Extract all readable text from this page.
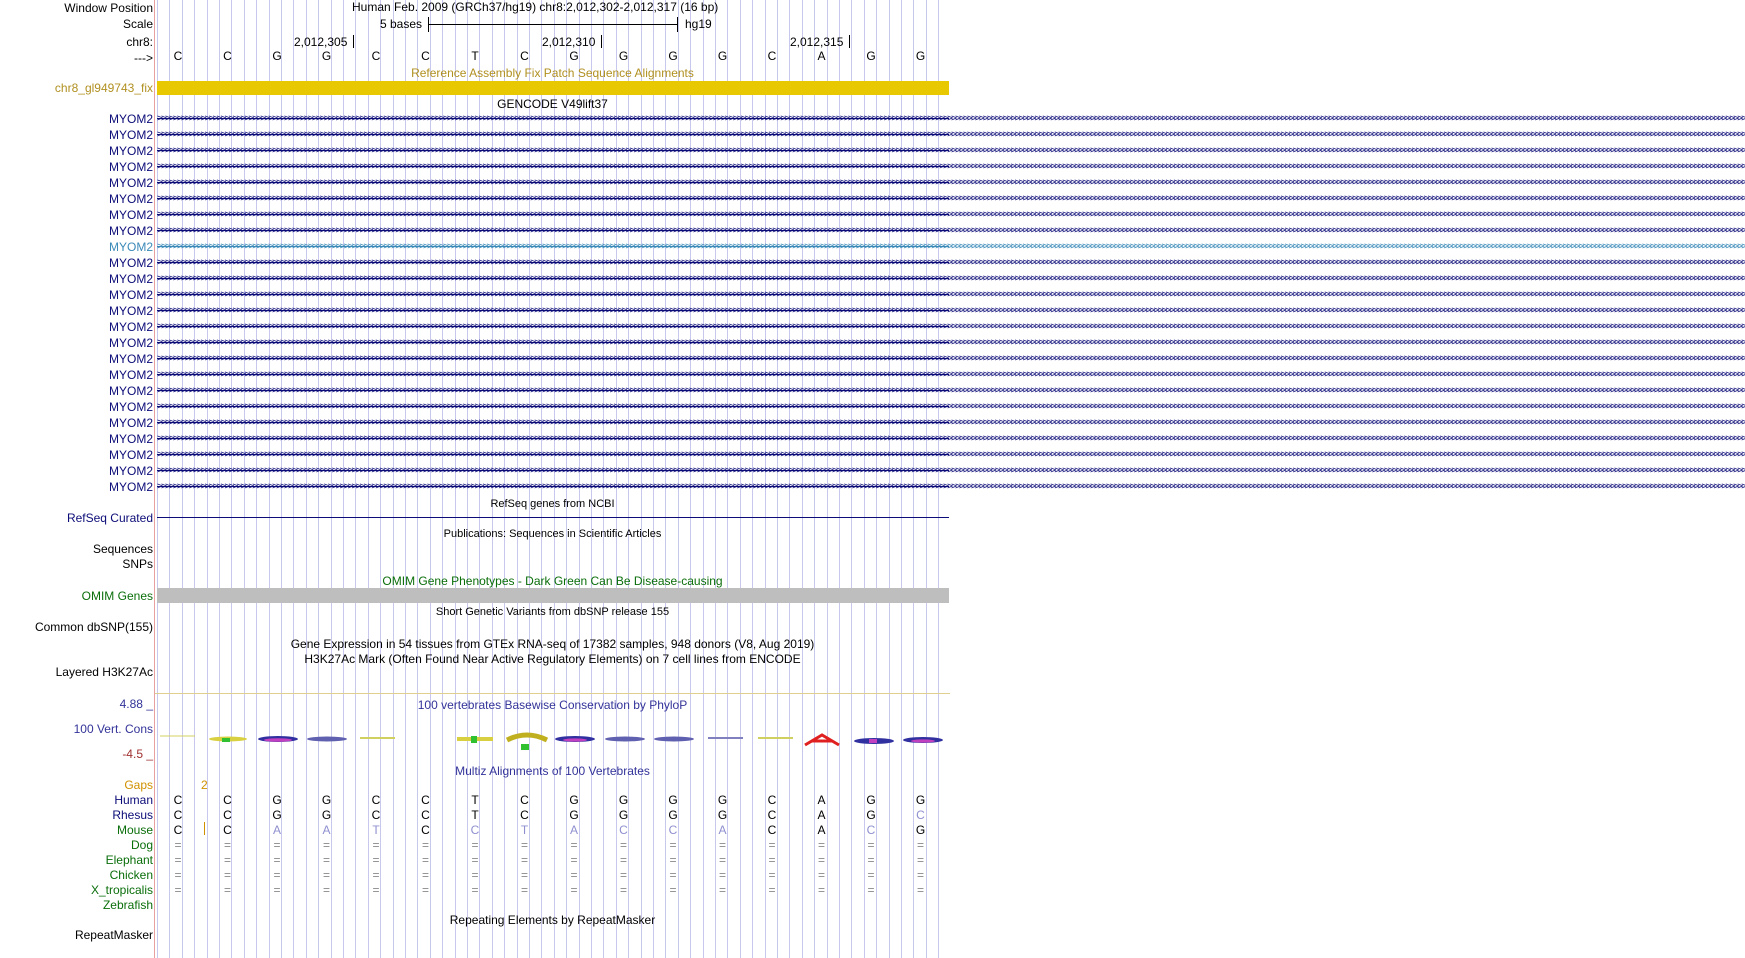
Window Position
Scale
chr8:
--->
Human Feb. 2009 (GRCh37/hg19) chr8:2,012,302-2,012,317 (16 bp)
5 bases	hg19
2,012,305	2,012,310	2,012,315
C	C	G	G	C	C	T	C	G	G	G	G	C	A	G	G
Reference Assembly Fix Patch Sequence Alignments
chr8_gl949743_fix
GENCODE V49lift37
MYOM2 >>>>>>>>>>>>>>>>>>>>>>>>>>>>>>>>>>>>>>>>>>>>>>>>>>>>>>>>>>>>>>>>>>>>>>>>>>>>>>>>>>>>>>>>>>>>>>>>>>>>>>>>>>>>>>>>>>>>>>>>>>>>>>>>>>>>>>>>>>>>>>>>>>>>>>>>>>>>>>>>>>>>>>>>>>>>>>>>>>>>>>>>>>>>>>>>>>>>>>>>>>>>>>>>>>>>>>>>>>>>>>>>>>>>>>>>>>>>>>>>>>>>>>>>>>>>>>>>>>>>>>>>>>>>>>>>>>>>>>>>>>>>>>>>>>>>>>>>>>>>>>>>>>>>>>>>>>>>>>>>>>>>>>>>>>>>>>>>>>>>>>>>>>>>>>>>>>>>>>>>>>>>>>>>>>>>>>>>>>>>>>>>>>>>>>>>>>>>>>>>
MYOM2 >>>>>>>>>>>>>>>>>>>>>>>>>>>>>>>>>>>>>>>>>>>>>>>>>>>>>>>>>>>>>>>>>>>>>>>>>>>>>>>>>>>>>>>>>>>>>>>>>>>>>>>>>>>>>>>>>>>>>>>>>>>>>>>>>>>>>>>>>>>>>>>>>>>>>>>>>>>>>>>>>>>>>>>>>>>>>>>>>>>>>>>>>>>>>>>>>>>>>>>>>>>>>>>>>>>>>>>>>>>>>>>>>>>>>>>>>>>>>>>>>>>>>>>>>>>>>>>>>>>>>>>>>>>>>>>>>>>>>>>>>>>>>>>>>>>>>>>>>>>>>>>>>>>>>>>>>>>>>>>>>>>>>>>>>>>>>>>>>>>>>>>>>>>>>>>>>>>>>>>>>>>>>>>>>>>>>>>>>>>>>>>>>>>>>>>>>>>>>>>>
MYOM2 >>>>>>>>>>>>>>>>>>>>>>>>>>>>>>>>>>>>>>>>>>>>>>>>>>>>>>>>>>>>>>>>>>>>>>>>>>>>>>>>>>>>>>>>>>>>>>>>>>>>>>>>>>>>>>>>>>>>>>>>>>>>>>>>>>>>>>>>>>>>>>>>>>>>>>>>>>>>>>>>>>>>>>>>>>>>>>>>>>>>>>>>>>>>>>>>>>>>>>>>>>>>>>>>>>>>>>>>>>>>>>>>>>>>>>>>>>>>>>>>>>>>>>>>>>>>>>>>>>>>>>>>>>>>>>>>>>>>>>>>>>>>>>>>>>>>>>>>>>>>>>>>>>>>>>>>>>>>>>>>>>>>>>>>>>>>>>>>>>>>>>>>>>>>>>>>>>>>>>>>>>>>>>>>>>>>>>>>>>>>>>>>>>>>>>>>>>>>>>>>
MYOM2 >>>>>>>>>>>>>>>>>>>>>>>>>>>>>>>>>>>>>>>>>>>>>>>>>>>>>>>>>>>>>>>>>>>>>>>>>>>>>>>>>>>>>>>>>>>>>>>>>>>>>>>>>>>>>>>>>>>>>>>>>>>>>>>>>>>>>>>>>>>>>>>>>>>>>>>>>>>>>>>>>>>>>>>>>>>>>>>>>>>>>>>>>>>>>>>>>>>>>>>>>>>>>>>>>>>>>>>>>>>>>>>>>>>>>>>>>>>>>>>>>>>>>>>>>>>>>>>>>>>>>>>>>>>>>>>>>>>>>>>>>>>>>>>>>>>>>>>>>>>>>>>>>>>>>>>>>>>>>>>>>>>>>>>>>>>>>>>>>>>>>>>>>>>>>>>>>>>>>>>>>>>>>>>>>>>>>>>>>>>>>>>>>>>>>>>>>>>>>>>>
MYOM2 >>>>>>>>>>>>>>>>>>>>>>>>>>>>>>>>>>>>>>>>>>>>>>>>>>>>>>>>>>>>>>>>>>>>>>>>>>>>>>>>>>>>>>>>>>>>>>>>>>>>>>>>>>>>>>>>>>>>>>>>>>>>>>>>>>>>>>>>>>>>>>>>>>>>>>>>>>>>>>>>>>>>>>>>>>>>>>>>>>>>>>>>>>>>>>>>>>>>>>>>>>>>>>>>>>>>>>>>>>>>>>>>>>>>>>>>>>>>>>>>>>>>>>>>>>>>>>>>>>>>>>>>>>>>>>>>>>>>>>>>>>>>>>>>>>>>>>>>>>>>>>>>>>>>>>>>>>>>>>>>>>>>>>>>>>>>>>>>>>>>>>>>>>>>>>>>>>>>>>>>>>>>>>>>>>>>>>>>>>>>>>>>>>>>>>>>>>>>>>>>
MYOM2 >>>>>>>>>>>>>>>>>>>>>>>>>>>>>>>>>>>>>>>>>>>>>>>>>>>>>>>>>>>>>>>>>>>>>>>>>>>>>>>>>>>>>>>>>>>>>>>>>>>>>>>>>>>>>>>>>>>>>>>>>>>>>>>>>>>>>>>>>>>>>>>>>>>>>>>>>>>>>>>>>>>>>>>>>>>>>>>>>>>>>>>>>>>>>>>>>>>>>>>>>>>>>>>>>>>>>>>>>>>>>>>>>>>>>>>>>>>>>>>>>>>>>>>>>>>>>>>>>>>>>>>>>>>>>>>>>>>>>>>>>>>>>>>>>>>>>>>>>>>>>>>>>>>>>>>>>>>>>>>>>>>>>>>>>>>>>>>>>>>>>>>>>>>>>>>>>>>>>>>>>>>>>>>>>>>>>>>>>>>>>>>>>>>>>>>>>>>>>>>>
MYOM2 >>>>>>>>>>>>>>>>>>>>>>>>>>>>>>>>>>>>>>>>>>>>>>>>>>>>>>>>>>>>>>>>>>>>>>>>>>>>>>>>>>>>>>>>>>>>>>>>>>>>>>>>>>>>>>>>>>>>>>>>>>>>>>>>>>>>>>>>>>>>>>>>>>>>>>>>>>>>>>>>>>>>>>>>>>>>>>>>>>>>>>>>>>>>>>>>>>>>>>>>>>>>>>>>>>>>>>>>>>>>>>>>>>>>>>>>>>>>>>>>>>>>>>>>>>>>>>>>>>>>>>>>>>>>>>>>>>>>>>>>>>>>>>>>>>>>>>>>>>>>>>>>>>>>>>>>>>>>>>>>>>>>>>>>>>>>>>>>>>>>>>>>>>>>>>>>>>>>>>>>>>>>>>>>>>>>>>>>>>>>>>>>>>>>>>>>>>>>>>>>
MYOM2 >>>>>>>>>>>>>>>>>>>>>>>>>>>>>>>>>>>>>>>>>>>>>>>>>>>>>>>>>>>>>>>>>>>>>>>>>>>>>>>>>>>>>>>>>>>>>>>>>>>>>>>>>>>>>>>>>>>>>>>>>>>>>>>>>>>>>>>>>>>>>>>>>>>>>>>>>>>>>>>>>>>>>>>>>>>>>>>>>>>>>>>>>>>>>>>>>>>>>>>>>>>>>>>>>>>>>>>>>>>>>>>>>>>>>>>>>>>>>>>>>>>>>>>>>>>>>>>>>>>>>>>>>>>>>>>>>>>>>>>>>>>>>>>>>>>>>>>>>>>>>>>>>>>>>>>>>>>>>>>>>>>>>>>>>>>>>>>>>>>>>>>>>>>>>>>>>>>>>>>>>>>>>>>>>>>>>>>>>>>>>>>>>>>>>>>>>>>>>>>>
MYOM2 >>>>>>>>>>>>>>>>>>>>>>>>>>>>>>>>>>>>>>>>>>>>>>>>>>>>>>>>>>>>>>>>>>>>>>>>>>>>>>>>>>>>>>>>>>>>>>>>>>>>>>>>>>>>>>>>>>>>>>>>>>>>>>>>>>>>>>>>>>>>>>>>>>>>>>>>>>>>>>>>>>>>>>>>>>>>>>>>>>>>>>>>>>>>>>>>>>>>>>>>>>>>>>>>>>>>>>>>>>>>>>>>>>>>>>>>>>>>>>>>>>>>>>>>>>>>>>>>>>>>>>>>>>>>>>>>>>>>>>>>>>>>>>>>>>>>>>>>>>>>>>>>>>>>>>>>>>>>>>>>>>>>>>>>>>>>>>>>>>>>>>>>>>>>>>>>>>>>>>>>>>>>>>>>>>>>>>>>>>>>>>>>>>>>>>>>>>>>>>>>
MYOM2 >>>>>>>>>>>>>>>>>>>>>>>>>>>>>>>>>>>>>>>>>>>>>>>>>>>>>>>>>>>>>>>>>>>>>>>>>>>>>>>>>>>>>>>>>>>>>>>>>>>>>>>>>>>>>>>>>>>>>>>>>>>>>>>>>>>>>>>>>>>>>>>>>>>>>>>>>>>>>>>>>>>>>>>>>>>>>>>>>>>>>>>>>>>>>>>>>>>>>>>>>>>>>>>>>>>>>>>>>>>>>>>>>>>>>>>>>>>>>>>>>>>>>>>>>>>>>>>>>>>>>>>>>>>>>>>>>>>>>>>>>>>>>>>>>>>>>>>>>>>>>>>>>>>>>>>>>>>>>>>>>>>>>>>>>>>>>>>>>>>>>>>>>>>>>>>>>>>>>>>>>>>>>>>>>>>>>>>>>>>>>>>>>>>>>>>>>>>>>>>>
MYOM2 >>>>>>>>>>>>>>>>>>>>>>>>>>>>>>>>>>>>>>>>>>>>>>>>>>>>>>>>>>>>>>>>>>>>>>>>>>>>>>>>>>>>>>>>>>>>>>>>>>>>>>>>>>>>>>>>>>>>>>>>>>>>>>>>>>>>>>>>>>>>>>>>>>>>>>>>>>>>>>>>>>>>>>>>>>>>>>>>>>>>>>>>>>>>>>>>>>>>>>>>>>>>>>>>>>>>>>>>>>>>>>>>>>>>>>>>>>>>>>>>>>>>>>>>>>>>>>>>>>>>>>>>>>>>>>>>>>>>>>>>>>>>>>>>>>>>>>>>>>>>>>>>>>>>>>>>>>>>>>>>>>>>>>>>>>>>>>>>>>>>>>>>>>>>>>>>>>>>>>>>>>>>>>>>>>>>>>>>>>>>>>>>>>>>>>>>>>>>>>>>
MYOM2 >>>>>>>>>>>>>>>>>>>>>>>>>>>>>>>>>>>>>>>>>>>>>>>>>>>>>>>>>>>>>>>>>>>>>>>>>>>>>>>>>>>>>>>>>>>>>>>>>>>>>>>>>>>>>>>>>>>>>>>>>>>>>>>>>>>>>>>>>>>>>>>>>>>>>>>>>>>>>>>>>>>>>>>>>>>>>>>>>>>>>>>>>>>>>>>>>>>>>>>>>>>>>>>>>>>>>>>>>>>>>>>>>>>>>>>>>>>>>>>>>>>>>>>>>>>>>>>>>>>>>>>>>>>>>>>>>>>>>>>>>>>>>>>>>>>>>>>>>>>>>>>>>>>>>>>>>>>>>>>>>>>>>>>>>>>>>>>>>>>>>>>>>>>>>>>>>>>>>>>>>>>>>>>>>>>>>>>>>>>>>>>>>>>>>>>>>>>>>>>>
MYOM2 >>>>>>>>>>>>>>>>>>>>>>>>>>>>>>>>>>>>>>>>>>>>>>>>>>>>>>>>>>>>>>>>>>>>>>>>>>>>>>>>>>>>>>>>>>>>>>>>>>>>>>>>>>>>>>>>>>>>>>>>>>>>>>>>>>>>>>>>>>>>>>>>>>>>>>>>>>>>>>>>>>>>>>>>>>>>>>>>>>>>>>>>>>>>>>>>>>>>>>>>>>>>>>>>>>>>>>>>>>>>>>>>>>>>>>>>>>>>>>>>>>>>>>>>>>>>>>>>>>>>>>>>>>>>>>>>>>>>>>>>>>>>>>>>>>>>>>>>>>>>>>>>>>>>>>>>>>>>>>>>>>>>>>>>>>>>>>>>>>>>>>>>>>>>>>>>>>>>>>>>>>>>>>>>>>>>>>>>>>>>>>>>>>>>>>>>>>>>>>>>
MYOM2 >>>>>>>>>>>>>>>>>>>>>>>>>>>>>>>>>>>>>>>>>>>>>>>>>>>>>>>>>>>>>>>>>>>>>>>>>>>>>>>>>>>>>>>>>>>>>>>>>>>>>>>>>>>>>>>>>>>>>>>>>>>>>>>>>>>>>>>>>>>>>>>>>>>>>>>>>>>>>>>>>>>>>>>>>>>>>>>>>>>>>>>>>>>>>>>>>>>>>>>>>>>>>>>>>>>>>>>>>>>>>>>>>>>>>>>>>>>>>>>>>>>>>>>>>>>>>>>>>>>>>>>>>>>>>>>>>>>>>>>>>>>>>>>>>>>>>>>>>>>>>>>>>>>>>>>>>>>>>>>>>>>>>>>>>>>>>>>>>>>>>>>>>>>>>>>>>>>>>>>>>>>>>>>>>>>>>>>>>>>>>>>>>>>>>>>>>>>>>>>>
MYOM2 >>>>>>>>>>>>>>>>>>>>>>>>>>>>>>>>>>>>>>>>>>>>>>>>>>>>>>>>>>>>>>>>>>>>>>>>>>>>>>>>>>>>>>>>>>>>>>>>>>>>>>>>>>>>>>>>>>>>>>>>>>>>>>>>>>>>>>>>>>>>>>>>>>>>>>>>>>>>>>>>>>>>>>>>>>>>>>>>>>>>>>>>>>>>>>>>>>>>>>>>>>>>>>>>>>>>>>>>>>>>>>>>>>>>>>>>>>>>>>>>>>>>>>>>>>>>>>>>>>>>>>>>>>>>>>>>>>>>>>>>>>>>>>>>>>>>>>>>>>>>>>>>>>>>>>>>>>>>>>>>>>>>>>>>>>>>>>>>>>>>>>>>>>>>>>>>>>>>>>>>>>>>>>>>>>>>>>>>>>>>>>>>>>>>>>>>>>>>>>>>
MYOM2 >>>>>>>>>>>>>>>>>>>>>>>>>>>>>>>>>>>>>>>>>>>>>>>>>>>>>>>>>>>>>>>>>>>>>>>>>>>>>>>>>>>>>>>>>>>>>>>>>>>>>>>>>>>>>>>>>>>>>>>>>>>>>>>>>>>>>>>>>>>>>>>>>>>>>>>>>>>>>>>>>>>>>>>>>>>>>>>>>>>>>>>>>>>>>>>>>>>>>>>>>>>>>>>>>>>>>>>>>>>>>>>>>>>>>>>>>>>>>>>>>>>>>>>>>>>>>>>>>>>>>>>>>>>>>>>>>>>>>>>>>>>>>>>>>>>>>>>>>>>>>>>>>>>>>>>>>>>>>>>>>>>>>>>>>>>>>>>>>>>>>>>>>>>>>>>>>>>>>>>>>>>>>>>>>>>>>>>>>>>>>>>>>>>>>>>>>>>>>>>>
MYOM2 >>>>>>>>>>>>>>>>>>>>>>>>>>>>>>>>>>>>>>>>>>>>>>>>>>>>>>>>>>>>>>>>>>>>>>>>>>>>>>>>>>>>>>>>>>>>>>>>>>>>>>>>>>>>>>>>>>>>>>>>>>>>>>>>>>>>>>>>>>>>>>>>>>>>>>>>>>>>>>>>>>>>>>>>>>>>>>>>>>>>>>>>>>>>>>>>>>>>>>>>>>>>>>>>>>>>>>>>>>>>>>>>>>>>>>>>>>>>>>>>>>>>>>>>>>>>>>>>>>>>>>>>>>>>>>>>>>>>>>>>>>>>>>>>>>>>>>>>>>>>>>>>>>>>>>>>>>>>>>>>>>>>>>>>>>>>>>>>>>>>>>>>>>>>>>>>>>>>>>>>>>>>>>>>>>>>>>>>>>>>>>>>>>>>>>>>>>>>>>>>
MYOM2 >>>>>>>>>>>>>>>>>>>>>>>>>>>>>>>>>>>>>>>>>>>>>>>>>>>>>>>>>>>>>>>>>>>>>>>>>>>>>>>>>>>>>>>>>>>>>>>>>>>>>>>>>>>>>>>>>>>>>>>>>>>>>>>>>>>>>>>>>>>>>>>>>>>>>>>>>>>>>>>>>>>>>>>>>>>>>>>>>>>>>>>>>>>>>>>>>>>>>>>>>>>>>>>>>>>>>>>>>>>>>>>>>>>>>>>>>>>>>>>>>>>>>>>>>>>>>>>>>>>>>>>>>>>>>>>>>>>>>>>>>>>>>>>>>>>>>>>>>>>>>>>>>>>>>>>>>>>>>>>>>>>>>>>>>>>>>>>>>>>>>>>>>>>>>>>>>>>>>>>>>>>>>>>>>>>>>>>>>>>>>>>>>>>>>>>>>>>>>>>>
MYOM2 >>>>>>>>>>>>>>>>>>>>>>>>>>>>>>>>>>>>>>>>>>>>>>>>>>>>>>>>>>>>>>>>>>>>>>>>>>>>>>>>>>>>>>>>>>>>>>>>>>>>>>>>>>>>>>>>>>>>>>>>>>>>>>>>>>>>>>>>>>>>>>>>>>>>>>>>>>>>>>>>>>>>>>>>>>>>>>>>>>>>>>>>>>>>>>>>>>>>>>>>>>>>>>>>>>>>>>>>>>>>>>>>>>>>>>>>>>>>>>>>>>>>>>>>>>>>>>>>>>>>>>>>>>>>>>>>>>>>>>>>>>>>>>>>>>>>>>>>>>>>>>>>>>>>>>>>>>>>>>>>>>>>>>>>>>>>>>>>>>>>>>>>>>>>>>>>>>>>>>>>>>>>>>>>>>>>>>>>>>>>>>>>>>>>>>>>>>>>>>>>
MYOM2 >>>>>>>>>>>>>>>>>>>>>>>>>>>>>>>>>>>>>>>>>>>>>>>>>>>>>>>>>>>>>>>>>>>>>>>>>>>>>>>>>>>>>>>>>>>>>>>>>>>>>>>>>>>>>>>>>>>>>>>>>>>>>>>>>>>>>>>>>>>>>>>>>>>>>>>>>>>>>>>>>>>>>>>>>>>>>>>>>>>>>>>>>>>>>>>>>>>>>>>>>>>>>>>>>>>>>>>>>>>>>>>>>>>>>>>>>>>>>>>>>>>>>>>>>>>>>>>>>>>>>>>>>>>>>>>>>>>>>>>>>>>>>>>>>>>>>>>>>>>>>>>>>>>>>>>>>>>>>>>>>>>>>>>>>>>>>>>>>>>>>>>>>>>>>>>>>>>>>>>>>>>>>>>>>>>>>>>>>>>>>>>>>>>>>>>>>>>>>>>>
MYOM2 >>>>>>>>>>>>>>>>>>>>>>>>>>>>>>>>>>>>>>>>>>>>>>>>>>>>>>>>>>>>>>>>>>>>>>>>>>>>>>>>>>>>>>>>>>>>>>>>>>>>>>>>>>>>>>>>>>>>>>>>>>>>>>>>>>>>>>>>>>>>>>>>>>>>>>>>>>>>>>>>>>>>>>>>>>>>>>>>>>>>>>>>>>>>>>>>>>>>>>>>>>>>>>>>>>>>>>>>>>>>>>>>>>>>>>>>>>>>>>>>>>>>>>>>>>>>>>>>>>>>>>>>>>>>>>>>>>>>>>>>>>>>>>>>>>>>>>>>>>>>>>>>>>>>>>>>>>>>>>>>>>>>>>>>>>>>>>>>>>>>>>>>>>>>>>>>>>>>>>>>>>>>>>>>>>>>>>>>>>>>>>>>>>>>>>>>>>>>>>>>
MYOM2 >>>>>>>>>>>>>>>>>>>>>>>>>>>>>>>>>>>>>>>>>>>>>>>>>>>>>>>>>>>>>>>>>>>>>>>>>>>>>>>>>>>>>>>>>>>>>>>>>>>>>>>>>>>>>>>>>>>>>>>>>>>>>>>>>>>>>>>>>>>>>>>>>>>>>>>>>>>>>>>>>>>>>>>>>>>>>>>>>>>>>>>>>>>>>>>>>>>>>>>>>>>>>>>>>>>>>>>>>>>>>>>>>>>>>>>>>>>>>>>>>>>>>>>>>>>>>>>>>>>>>>>>>>>>>>>>>>>>>>>>>>>>>>>>>>>>>>>>>>>>>>>>>>>>>>>>>>>>>>>>>>>>>>>>>>>>>>>>>>>>>>>>>>>>>>>>>>>>>>>>>>>>>>>>>>>>>>>>>>>>>>>>>>>>>>>>>>>>>>>>
MYOM2 >>>>>>>>>>>>>>>>>>>>>>>>>>>>>>>>>>>>>>>>>>>>>>>>>>>>>>>>>>>>>>>>>>>>>>>>>>>>>>>>>>>>>>>>>>>>>>>>>>>>>>>>>>>>>>>>>>>>>>>>>>>>>>>>>>>>>>>>>>>>>>>>>>>>>>>>>>>>>>>>>>>>>>>>>>>>>>>>>>>>>>>>>>>>>>>>>>>>>>>>>>>>>>>>>>>>>>>>>>>>>>>>>>>>>>>>>>>>>>>>>>>>>>>>>>>>>>>>>>>>>>>>>>>>>>>>>>>>>>>>>>>>>>>>>>>>>>>>>>>>>>>>>>>>>>>>>>>>>>>>>>>>>>>>>>>>>>>>>>>>>>>>>>>>>>>>>>>>>>>>>>>>>>>>>>>>>>>>>>>>>>>>>>>>>>>>>>>>>>>>
MYOM2 >>>>>>>>>>>>>>>>>>>>>>>>>>>>>>>>>>>>>>>>>>>>>>>>>>>>>>>>>>>>>>>>>>>>>>>>>>>>>>>>>>>>>>>>>>>>>>>>>>>>>>>>>>>>>>>>>>>>>>>>>>>>>>>>>>>>>>>>>>>>>>>>>>>>>>>>>>>>>>>>>>>>>>>>>>>>>>>>>>>>>>>>>>>>>>>>>>>>>>>>>>>>>>>>>>>>>>>>>>>>>>>>>>>>>>>>>>>>>>>>>>>>>>>>>>>>>>>>>>>>>>>>>>>>>>>>>>>>>>>>>>>>>>>>>>>>>>>>>>>>>>>>>>>>>>>>>>>>>>>>>>>>>>>>>>>>>>>>>>>>>>>>>>>>>>>>>>>>>>>>>>>>>>>>>>>>>>>>>>>>>>>>>>>>>>>>>>>>>>>>
RefSeq genes from NCBI
RefSeq Curated
Publications: Sequences in Scientific Articles
Sequences
SNPs
OMIM Gene Phenotypes - Dark Green Can Be Disease-causing
OMIM Genes
Short Genetic Variants from dbSNP release 155
Common dbSNP(155)
Gene Expression in 54 tissues from GTEx RNA-seq of 17382 samples, 948 donors (V8, Aug 2019)
H3K27Ac Mark (Often Found Near Active Regulatory Elements) on 7 cell lines from ENCODE
Layered H3K27Ac
100 vertebrates Basewise Conservation by PhyloP
4.88 _
100 Vert. Cons
-4.5 _
Multiz Alignments of 100 Vertebrates
Gaps	2
Human	C	C	G	G	C	C	T	C	G	G	G	G	C	A	G	G
Rhesus	C	C	G	G	C	C	T	C	G	G	G	G	C	A	G	C
Mouse	C	C	A	A	T	C	C	T	A	C	C	A	C	A	C	G
Dog	=	=	=	=	=	=	=	=	=	=	=	=	=	=	=	=
Elephant	=	=	=	=	=	=	=	=	=	=	=	=	=	=	=	=
Chicken	=	=	=	=	=	=	=	=	=	=	=	=	=	=	=	=
X_tropicalis	=	=	=	=	=	=	=	=	=	=	=	=	=	=	=	=
Zebrafish
Repeating Elements by RepeatMasker
RepeatMasker
